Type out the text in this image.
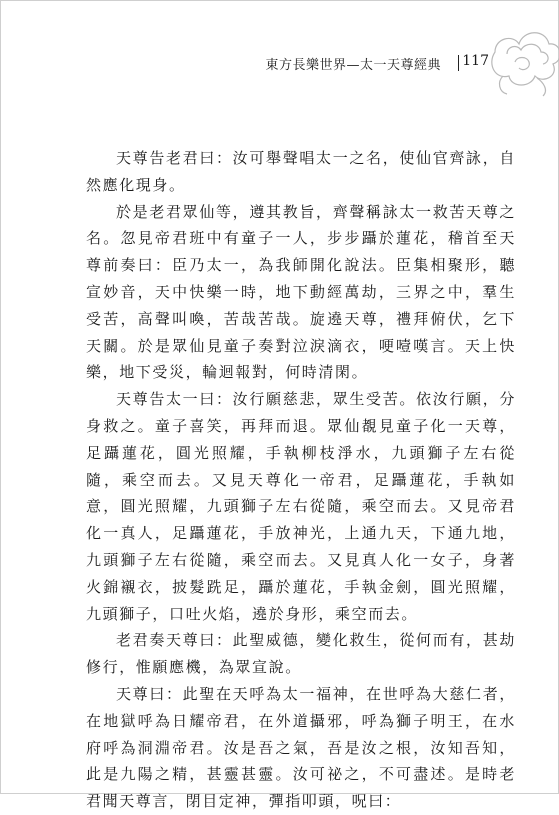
東方長樂世界—太一天尊經典 117

天尊告老君曰：汝可舉聲唱太一之名，使仙官齊詠，自然應化現身。

於是老君眾仙等，遵其教旨，齊聲稱詠太一救苦天尊之名。忽見帝君班中有童子一人，步步躡於蓮花，稽首至天尊前奏曰：臣乃太一，為我師開化說法。臣集相聚形，聽宣妙音，天中快樂一時，地下動經萬劫，三界之中，羣生受苦，高聲叫喚，苦哉苦哉。旋遶天尊，禮拜俯伏，乞下天關。於是眾仙見童子奏對泣淚滴衣，哽噎嘆言。天上快樂，地下受災，輪迴報對，何時清閑。

天尊告太一曰：汝行願慈悲，眾生受苦。依汝行願，分身救之。童子喜笑，再拜而退。眾仙覩見童子化一天尊，足躡蓮花，圓光照耀，手執柳枝淨水，九頭獅子左右從隨，乘空而去。又見天尊化一帝君，足躡蓮花，手執如意，圓光照耀，九頭獅子左右從隨，乘空而去。又見帝君化一真人，足躡蓮花，手放神光，上通九天，下通九地，九頭獅子左右從隨，乘空而去。又見真人化一女子，身著火錦襯衣，披髮跣足，躡於蓮花，手執金劍，圓光照耀，九頭獅子，口吐火焰，遶於身形，乘空而去。

老君奏天尊曰：此聖威德，變化救生，從何而有，甚劫修行，惟願應機，為眾宣說。

天尊曰：此聖在天呼為太一福神，在世呼為大慈仁者，在地獄呼為日耀帝君，在外道攝邪，呼為獅子明王，在水府呼為洞淵帝君。汝是吾之氣，吾是汝之根，汝知吾知，此是九陽之精，甚靈甚靈。汝可祕之，不可盡述。是時老君聞天尊言，閉目定神，彈指叩頭，呪曰：
